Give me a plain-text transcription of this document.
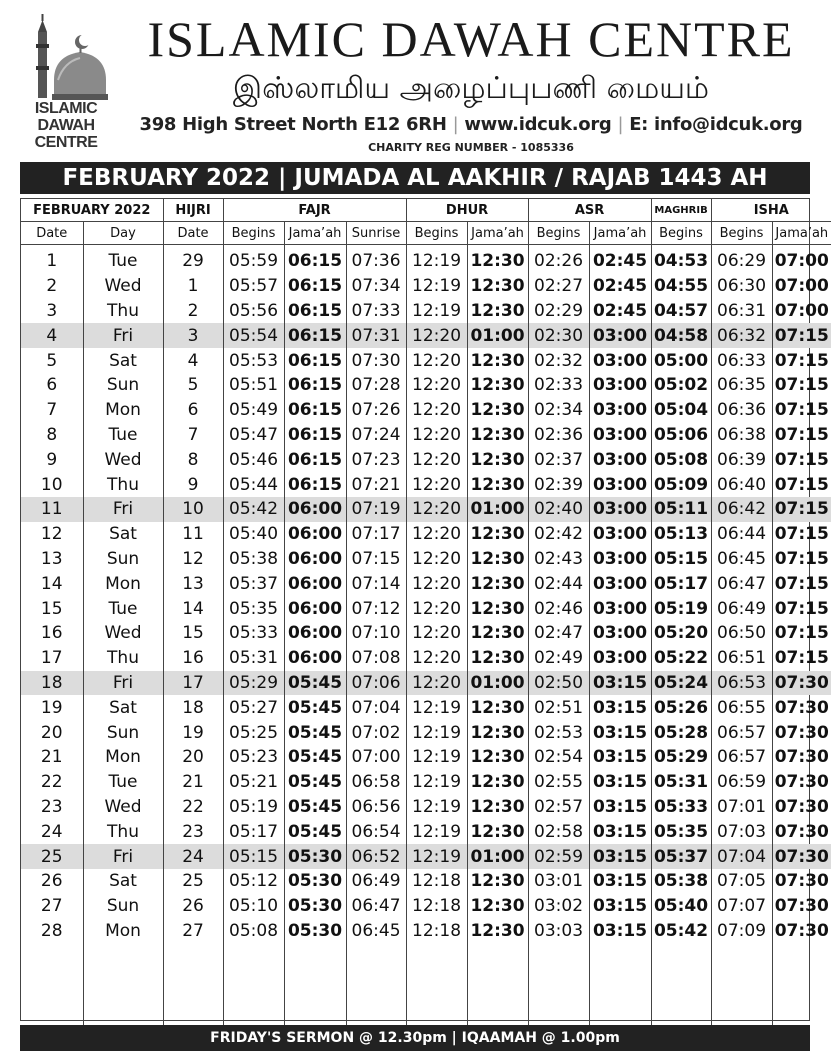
ISLAMIC
DAWAH
CENTRE
ISLAMIC DAWAH CENTRE
இஸ்லாமிய அழைப்புபணி மையம்
398 High Street North E12 6RH | www.idcuk.org | E: info@idcuk.org
CHARITY REG NUMBER - 1085336
FEBRUARY 2022 | JUMADA AL AAKHIR / RAJAB 1443 AH
FEBRUARY 2022		HIJRI	FAJR			DHUR		ASR		MAGHRIB	ISHA	
Date	Day	Date	Begins	Jama’ah	Sunrise	Begins	Jama’ah	Begins	Jama’ah	Begins	Begins	Jama’ah
1	Tue	29	05:59	06:15	07:36	12:19	12:30	02:26	02:45	04:53	06:29	07:00
2	Wed	1	05:57	06:15	07:34	12:19	12:30	02:27	02:45	04:55	06:30	07:00
3	Thu	2	05:56	06:15	07:33	12:19	12:30	02:29	02:45	04:57	06:31	07:00
4	Fri	3	05:54	06:15	07:31	12:20	01:00	02:30	03:00	04:58	06:32	07:15
5	Sat	4	05:53	06:15	07:30	12:20	12:30	02:32	03:00	05:00	06:33	07:15
6	Sun	5	05:51	06:15	07:28	12:20	12:30	02:33	03:00	05:02	06:35	07:15
7	Mon	6	05:49	06:15	07:26	12:20	12:30	02:34	03:00	05:04	06:36	07:15
8	Tue	7	05:47	06:15	07:24	12:20	12:30	02:36	03:00	05:06	06:38	07:15
9	Wed	8	05:46	06:15	07:23	12:20	12:30	02:37	03:00	05:08	06:39	07:15
10	Thu	9	05:44	06:15	07:21	12:20	12:30	02:39	03:00	05:09	06:40	07:15
11	Fri	10	05:42	06:00	07:19	12:20	01:00	02:40	03:00	05:11	06:42	07:15
12	Sat	11	05:40	06:00	07:17	12:20	12:30	02:42	03:00	05:13	06:44	07:15
13	Sun	12	05:38	06:00	07:15	12:20	12:30	02:43	03:00	05:15	06:45	07:15
14	Mon	13	05:37	06:00	07:14	12:20	12:30	02:44	03:00	05:17	06:47	07:15
15	Tue	14	05:35	06:00	07:12	12:20	12:30	02:46	03:00	05:19	06:49	07:15
16	Wed	15	05:33	06:00	07:10	12:20	12:30	02:47	03:00	05:20	06:50	07:15
17	Thu	16	05:31	06:00	07:08	12:20	12:30	02:49	03:00	05:22	06:51	07:15
18	Fri	17	05:29	05:45	07:06	12:20	01:00	02:50	03:15	05:24	06:53	07:30
19	Sat	18	05:27	05:45	07:04	12:19	12:30	02:51	03:15	05:26	06:55	07:30
20	Sun	19	05:25	05:45	07:02	12:19	12:30	02:53	03:15	05:28	06:57	07:30
21	Mon	20	05:23	05:45	07:00	12:19	12:30	02:54	03:15	05:29	06:57	07:30
22	Tue	21	05:21	05:45	06:58	12:19	12:30	02:55	03:15	05:31	06:59	07:30
23	Wed	22	05:19	05:45	06:56	12:19	12:30	02:57	03:15	05:33	07:01	07:30
24	Thu	23	05:17	05:45	06:54	12:19	12:30	02:58	03:15	05:35	07:03	07:30
25	Fri	24	05:15	05:30	06:52	12:19	01:00	02:59	03:15	05:37	07:04	07:30
26	Sat	25	05:12	05:30	06:49	12:18	12:30	03:01	03:15	05:38	07:05	07:30
27	Sun	26	05:10	05:30	06:47	12:18	12:30	03:02	03:15	05:40	07:07	07:30
28	Mon	27	05:08	05:30	06:45	12:18	12:30	03:03	03:15	05:42	07:09	07:30

FRIDAY'S SERMON @ 12.30pm | IQAAMAH @ 1.00pm
